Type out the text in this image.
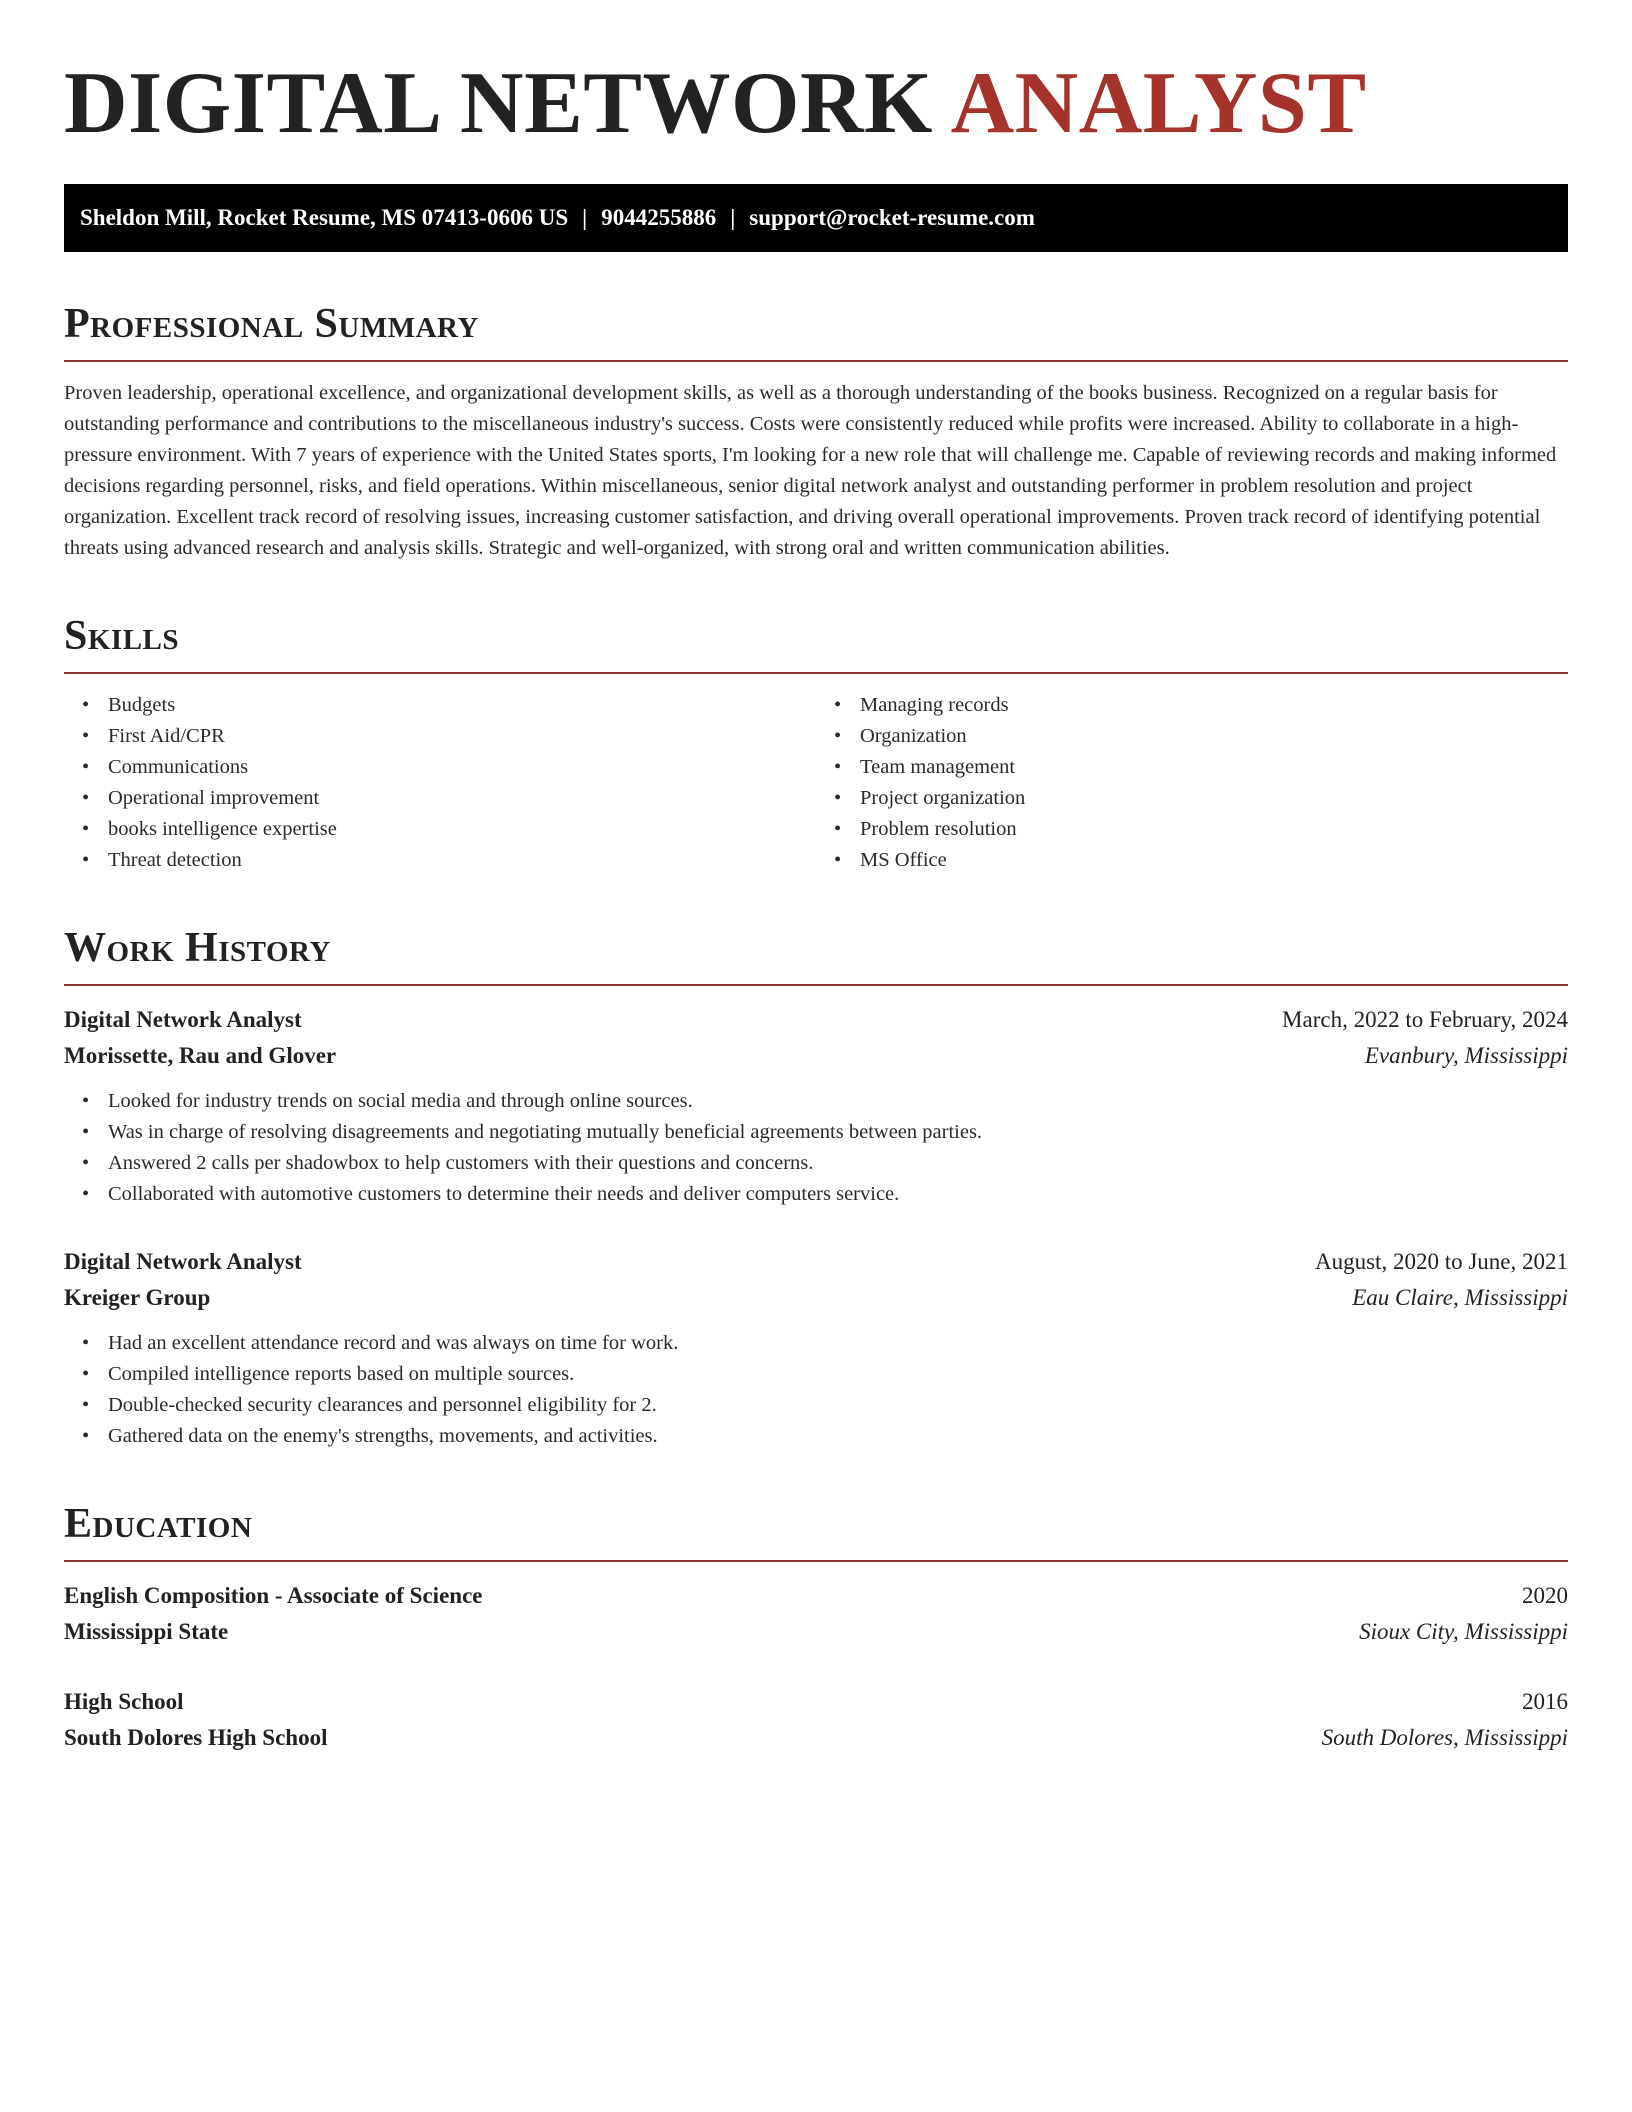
DIGITAL NETWORK ANALYST
Sheldon Mill, Rocket Resume, MS 07413-0606 US | 9044255886 | support@rocket-resume.com
Professional Summary

Proven leadership, operational excellence, and organizational development skills, as well as a thorough understanding of the books business. Recognized on a regular basis for outstanding performance and contributions to the miscellaneous industry's success. Costs were consistently reduced while profits were increased. Ability to collaborate in a high-pressure environment. With 7 years of experience with the United States sports, I'm looking for a new role that will challenge me. Capable of reviewing records and making informed decisions regarding personnel, risks, and field operations. Within miscellaneous, senior digital network analyst and outstanding performer in problem resolution and project organization. Excellent track record of resolving issues, increasing customer satisfaction, and driving overall operational improvements. Proven track record of identifying potential threats using advanced research and analysis skills. Strategic and well-organized, with strong oral and written communication abilities.

Skills
• Budgets
• First Aid/CPR
• Communications
• Operational improvement
• books intelligence expertise
• Threat detection
• Managing records
• Organization
• Team management
• Project organization
• Problem resolution
• MS Office
Work History
Digital Network Analyst	March, 2022 to February, 2024
Morissette, Rau and Glover	Evanbury, Mississippi
• Looked for industry trends on social media and through online sources.
• Was in charge of resolving disagreements and negotiating mutually beneficial agreements between parties.
• Answered 2 calls per shadowbox to help customers with their questions and concerns.
• Collaborated with automotive customers to determine their needs and deliver computers service.
Digital Network Analyst	August, 2020 to June, 2021
Kreiger Group	Eau Claire, Mississippi
• Had an excellent attendance record and was always on time for work.
• Compiled intelligence reports based on multiple sources.
• Double-checked security clearances and personnel eligibility for 2.
• Gathered data on the enemy's strengths, movements, and activities.
Education
English Composition - Associate of Science	2020
Mississippi State	Sioux City, Mississippi
High School	2016
South Dolores High School	South Dolores, Mississippi
